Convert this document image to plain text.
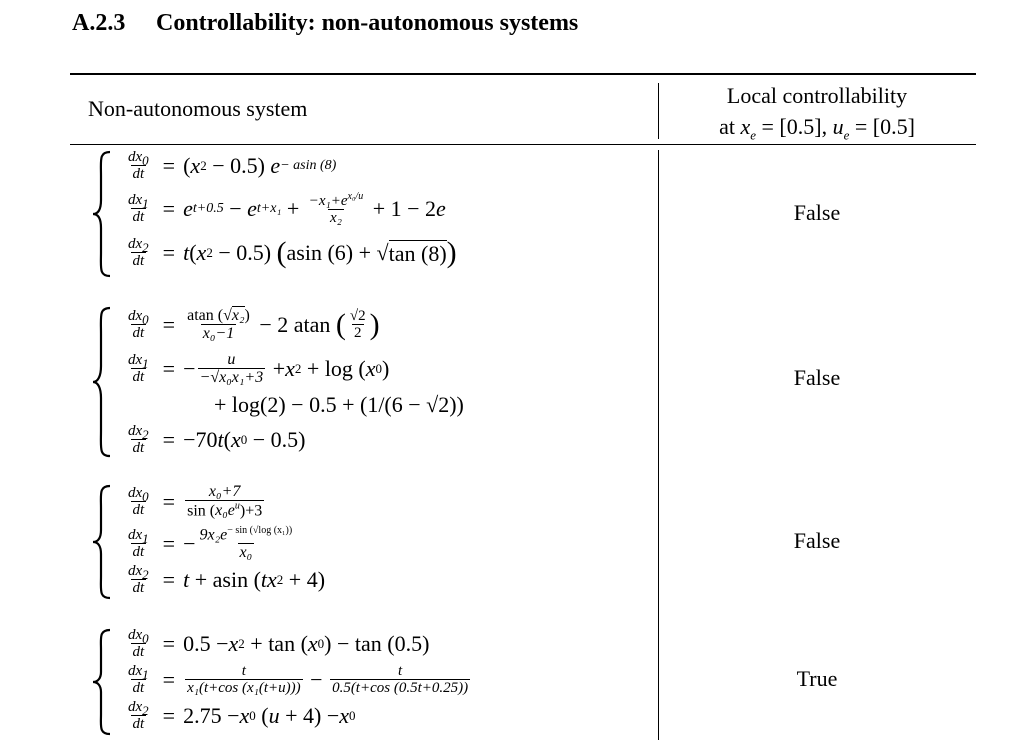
A.2.3 Controllability: non-autonomous systems
Non-autonomous system
Local controllability
at $x_e = [0.5]$, $u_e = [0.5]$
$\frac{dx0}{dt}$ = ( x 2 − 0.5) e − asin (8)
$\frac{dx1}{dt} = e$ t+0.5 − e $t+x_1 + \frac{-x_1+e^{x_0/u}}{\text{x₂}} + 1 - 2$ e
$\frac{dx2}{dt} = t$ ( x 2 − 0.5) ( asin (6) + √ tan (8) )
False
$\frac{dx0}{dt} = \frac{\text{atan (√x₂)}}{\text{x₀−1}} - 2$ atan ( $\frac{√2}{2}$ )
$\frac{dx1}{dt}$ = − $\frac{u}{\text{−√x₀x₁+3}} + x$ 2 + log ( x 0 )
+ log(2) − 0.5 + (1/(6 − √2))
$\frac{dx2}{dt} = -70$ t ( x 0 − 0.5)
False
$\frac{dx0}{dt} = \frac{\text{x₀+7}}{\sin (x_0e^u)+3}$
$\frac{dx1}{dt}$ = − $\frac{9x_2e^{- sin (√log (x_1))}}{\text{x₀}}$
$\frac{dx2}{dt} = t + asin$ ( tx 2 + 4)
False
$\frac{dx0}{dt} = 0.5 - x$ 2 + tan ( x 0 ) − tan (0.5)
$\frac{dx1}{dt} = \frac{t}{\text{x₁(t+cos (x₁(t+u)))}} - \frac{t}{0.5(t+\cos (0.5t+0.25))}$
$\frac{dx2}{dt} = 2.75 - x$ 0 ( u + 4) − x 0
True
